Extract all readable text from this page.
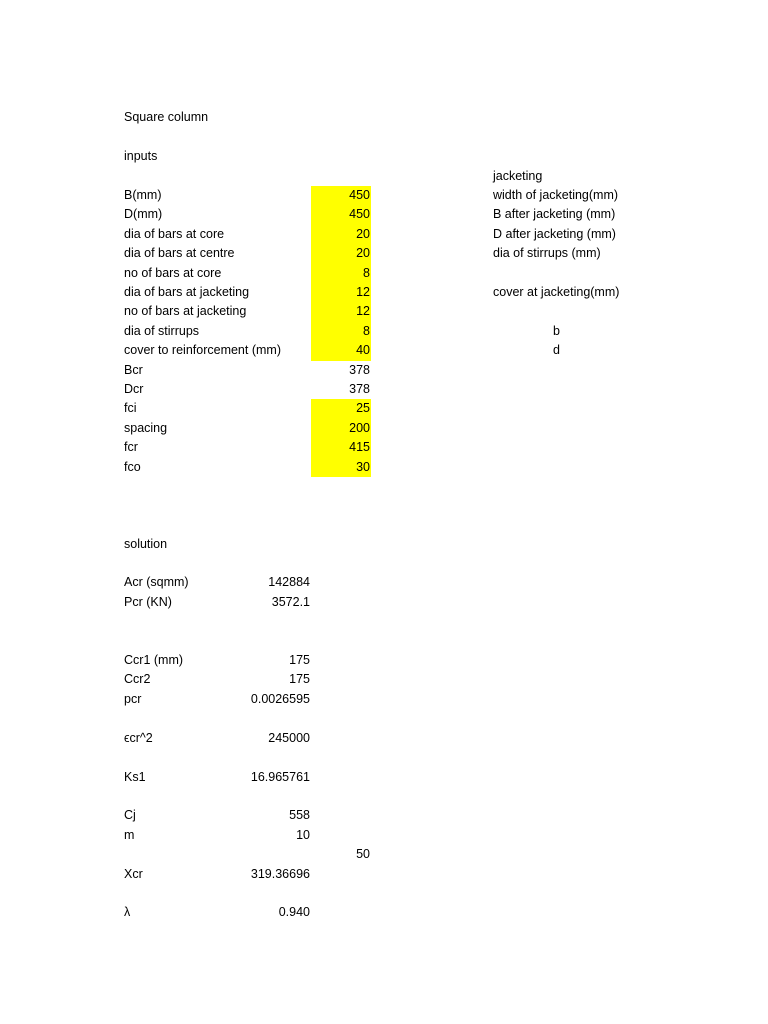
Square column
inputs
B(mm)	450
D(mm)	450
dia of bars at core	20
dia of bars at centre	20
no of bars at core	8
dia of bars at jacketing	12
no of bars at jacketing	12
dia of stirrups	8
cover to reinforcement (mm)	40
Bcr	378
Dcr	378
fci	25
spacing	200
fcr	415
fco	30
jacketing
width of jacketing(mm)
B after jacketing (mm)
D after jacketing (mm)
dia of stirrups (mm)
cover at jacketing(mm)
b
d
solution
Acr (sqmm)	142884
Pcr (KN)	3572.1
Ccr1 (mm)	175
Ccr2	175
pcr	0.0026595
ϵcr^2	245000
Ks1	16.965761
Cj	558
m	10
50
Xcr	319.36696
λ	0.940
